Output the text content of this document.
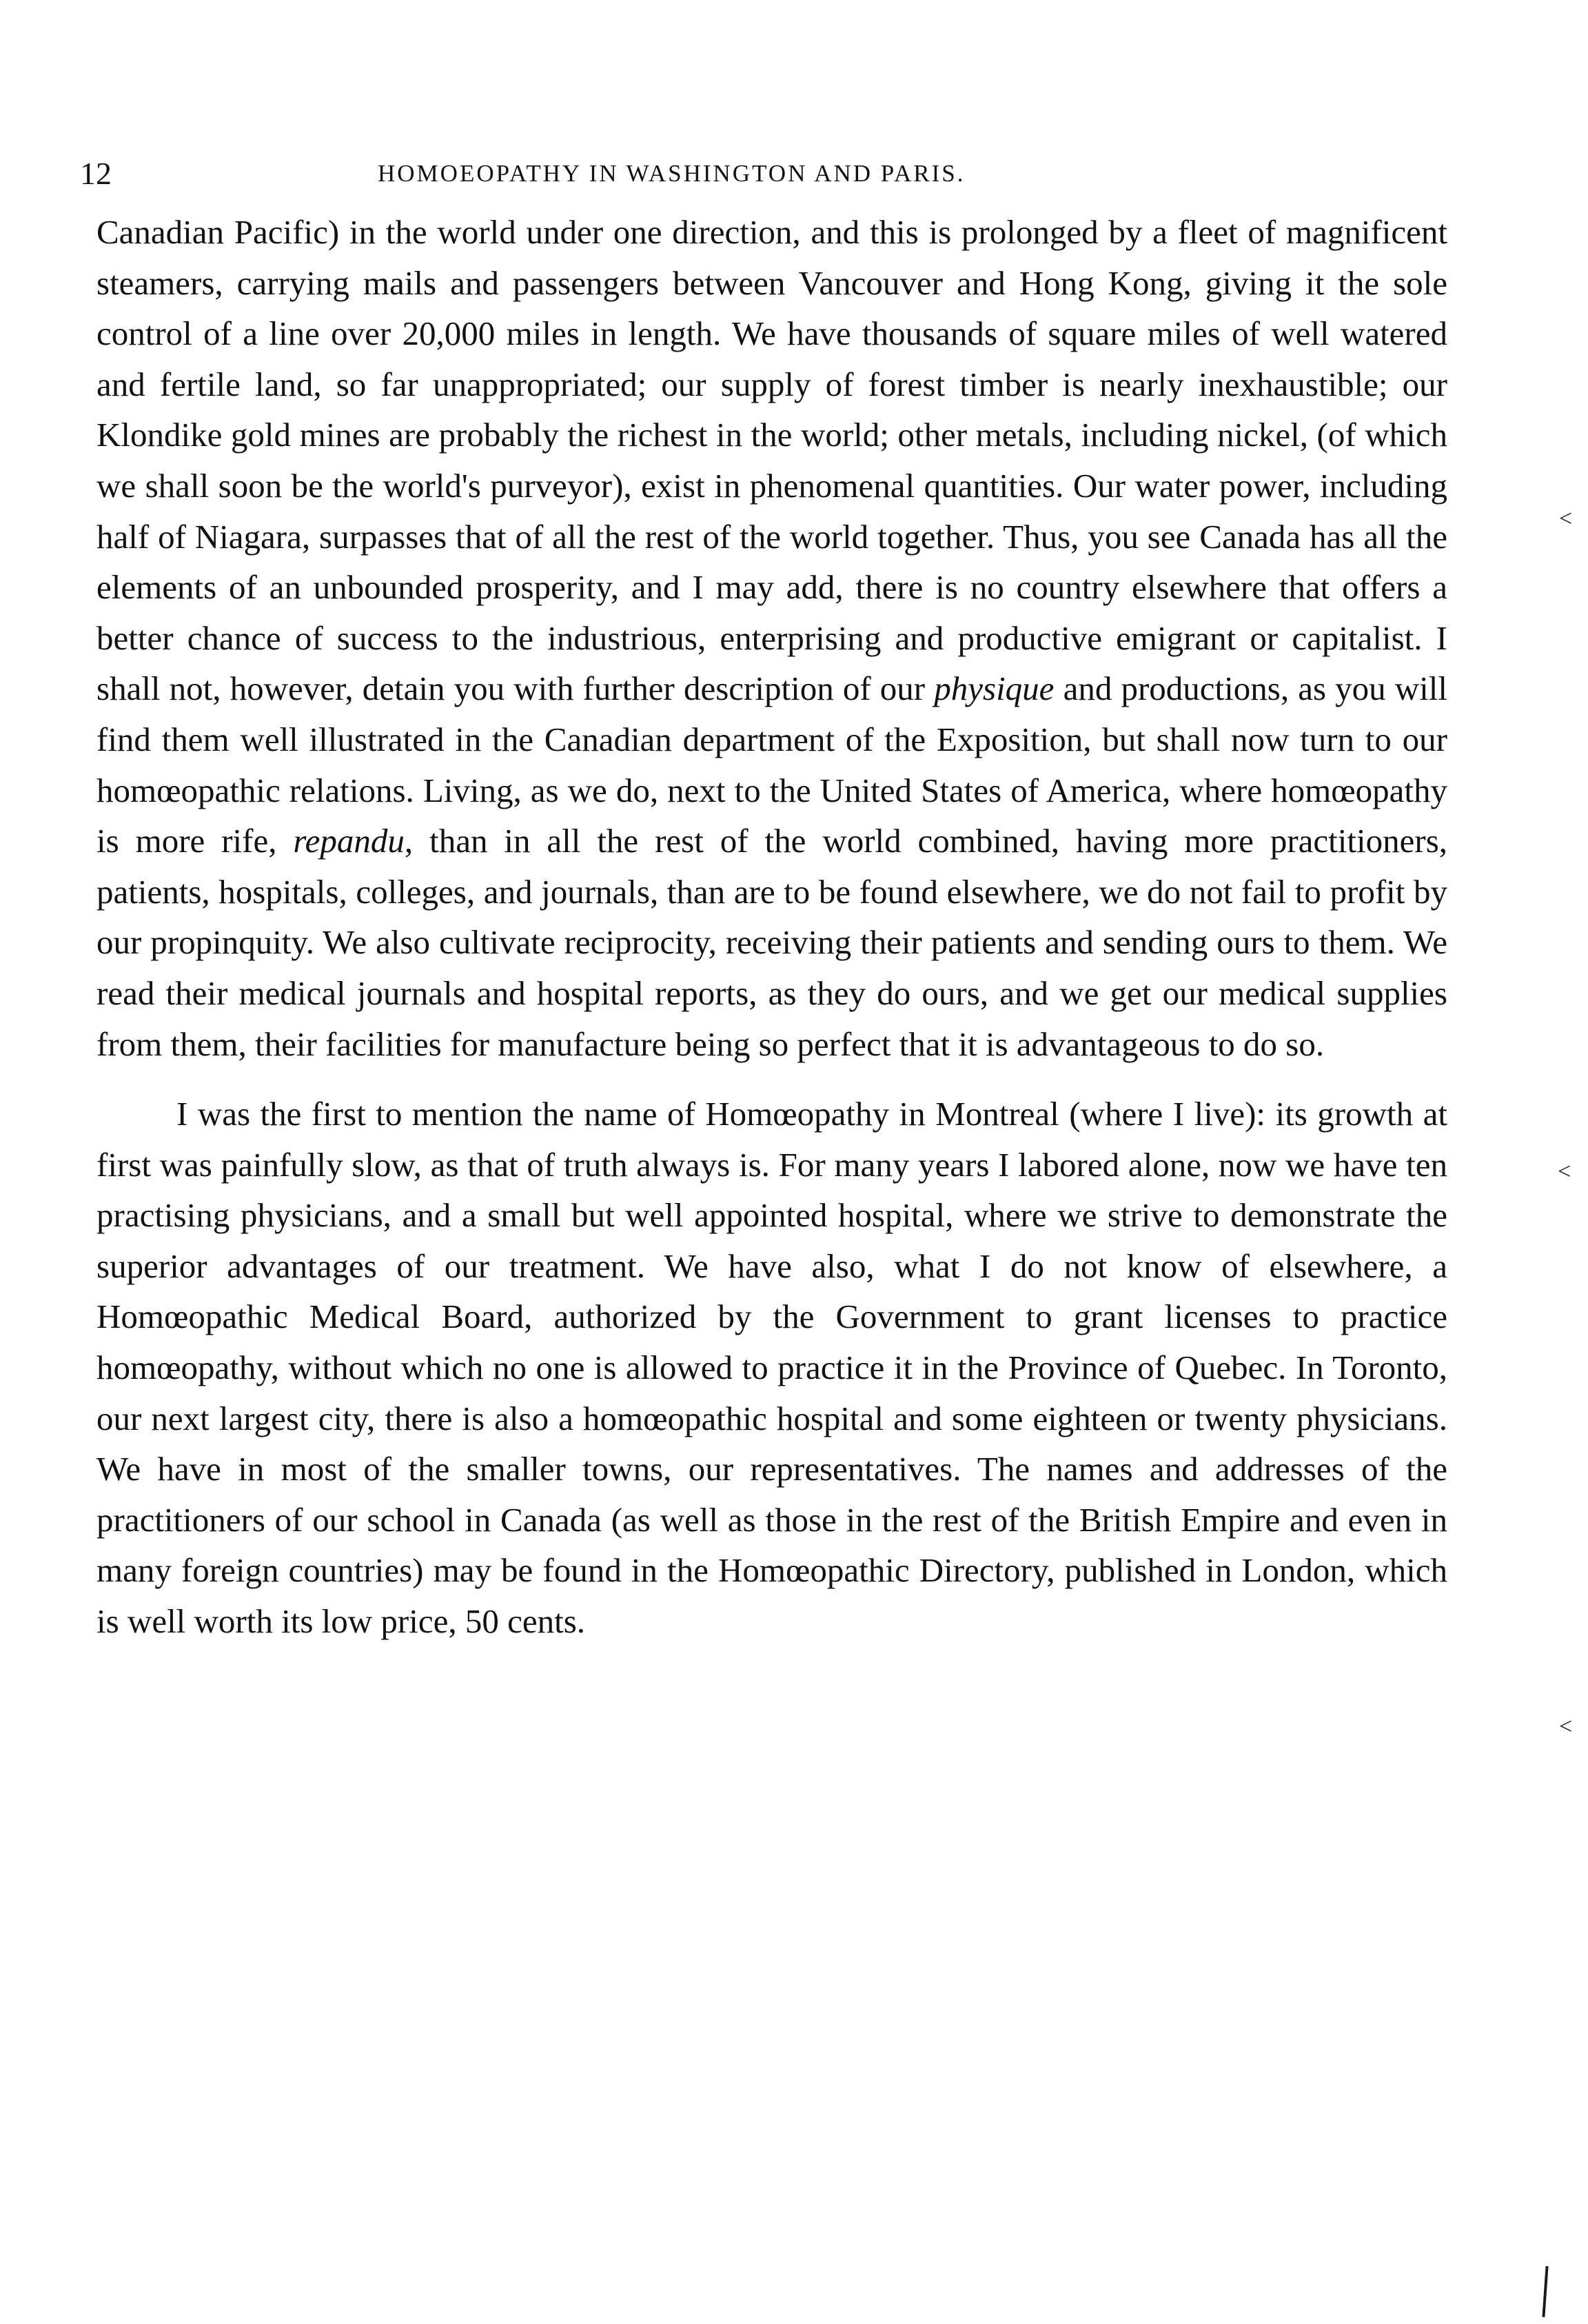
12	HOMOEOPATHY IN WASHINGTON AND PARIS.

Canadian Pacific) in the world under one direction, and this is prolonged by a fleet of magnificent steamers, carrying mails and passengers between Vancouver and Hong Kong, giving it the sole control of a line over 20,000 miles in length. We have thousands of square miles of well watered and fertile land, so far unappropriated; our supply of forest timber is nearly inexhaustible; our Klondike gold mines are probably the richest in the world; other metals, including nickel, (of which we shall soon be the world's purveyor), exist in phenomenal quantities. Our water power, including half of Niagara, surpasses that of all the rest of the world together. Thus, you see Canada has all the elements of an unbounded prosperity, and I may add, there is no country elsewhere that offers a better chance of success to the industrious, enterprising and productive emigrant or capitalist. I shall not, however, detain you with further description of our physique and productions, as you will find them well illustrated in the Canadian department of the Exposition, but shall now turn to our homœopathic relations. Living, as we do, next to the United States of America, where homœopathy is more rife, repandu, than in all the rest of the world combined, having more practitioners, patients, hospitals, colleges, and journals, than are to be found elsewhere, we do not fail to profit by our propinquity. We also cultivate reciprocity, receiving their patients and sending ours to them. We read their medical journals and hospital reports, as they do ours, and we get our medical supplies from them, their facilities for manufacture being so perfect that it is advantageous to do so.

I was the first to mention the name of Homœopathy in Montreal (where I live): its growth at first was painfully slow, as that of truth always is. For many years I labored alone, now we have ten practising physicians, and a small but well appointed hospital, where we strive to demonstrate the superior advantages of our treatment. We have also, what I do not know of elsewhere, a Homœopathic Medical Board, authorized by the Government to grant licenses to practice homœopathy, without which no one is allowed to practice it in the Province of Quebec. In Toronto, our next largest city, there is also a homœopathic hospital and some eighteen or twenty physicians. We have in most of the smaller towns, our representatives. The names and addresses of the practitioners of our school in Canada (as well as those in the rest of the British Empire and even in many foreign countries) may be found in the Homœopathic Directory, published in London, which is well worth its low price, 50 cents.

˂
˂
˂
